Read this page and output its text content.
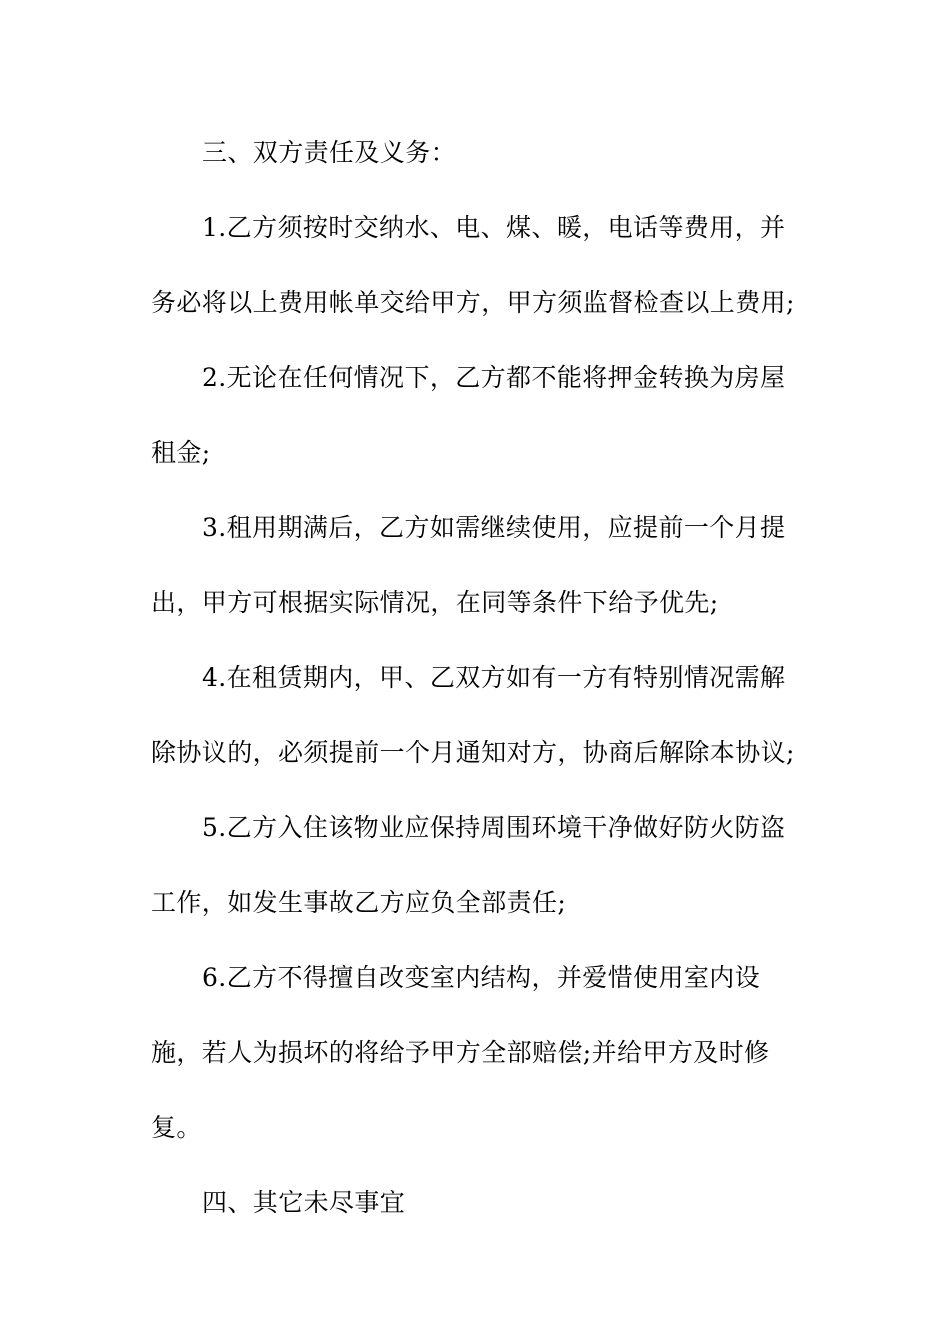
三、双方责任及义务：
1.乙方须按时交纳水、电、煤、暖，电话等费用，并
务必将以上费用帐单交给甲方，甲方须监督检查以上费用;
2.无论在任何情况下，乙方都不能将押金转换为房屋
租金;
3.租用期满后，乙方如需继续使用，应提前一个月提
出，甲方可根据实际情况，在同等条件下给予优先;
4.在租赁期内，甲、乙双方如有一方有特别情况需解
除协议的，必须提前一个月通知对方，协商后解除本协议;
5.乙方入住该物业应保持周围环境干净做好防火防盗
工作，如发生事故乙方应负全部责任;
6.乙方不得擅自改变室内结构，并爱惜使用室内设
施，若人为损坏的将给予甲方全部赔偿;并给甲方及时修
复。
四、其它未尽事宜
